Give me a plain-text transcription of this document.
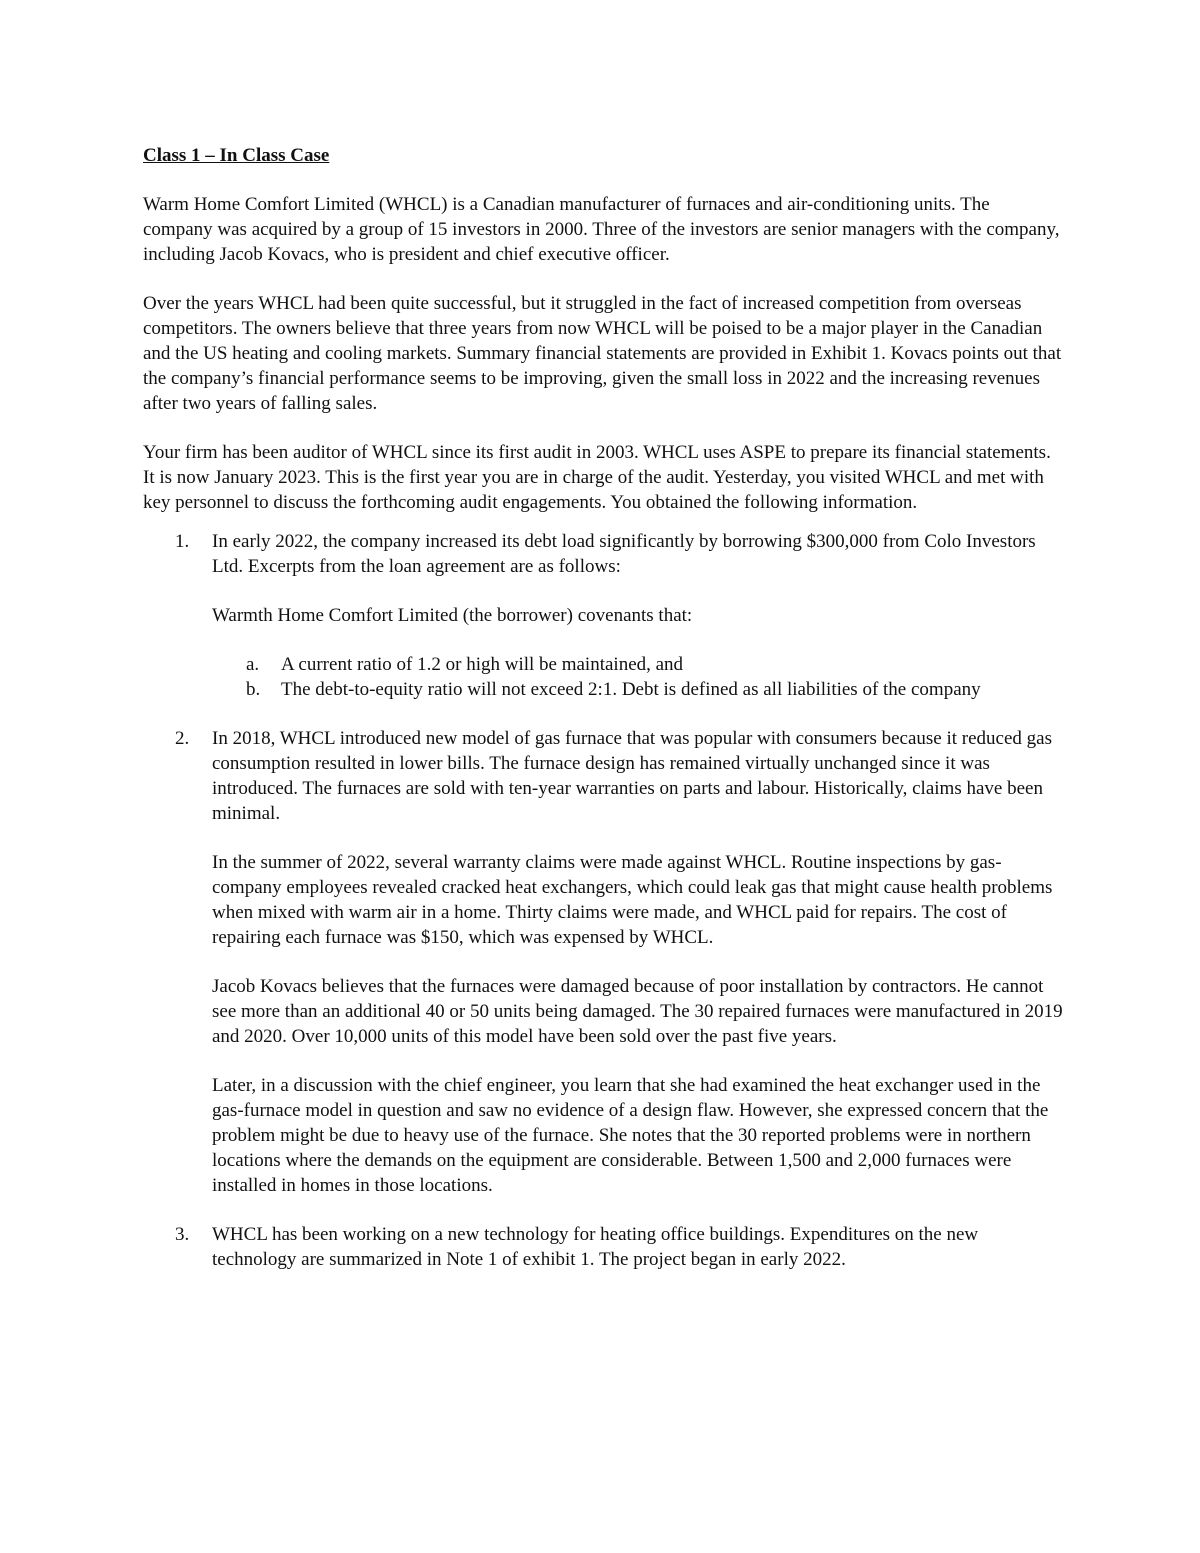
Class 1 – In Class Case

Warm Home Comfort Limited (WHCL) is a Canadian manufacturer of furnaces and air-conditioning units. The company was acquired by a group of 15 investors in 2000. Three of the investors are senior managers with the company, including Jacob Kovacs, who is president and chief executive officer.

Over the years WHCL had been quite successful, but it struggled in the fact of increased competition from overseas competitors. The owners believe that three years from now WHCL will be poised to be a major player in the Canadian and the US heating and cooling markets. Summary financial statements are provided in Exhibit 1. Kovacs points out that the company’s financial performance seems to be improving, given the small loss in 2022 and the increasing revenues after two years of falling sales.

Your firm has been auditor of WHCL since its first audit in 2003. WHCL uses ASPE to prepare its financial statements. It is now January 2023. This is the first year you are in charge of the audit. Yesterday, you visited WHCL and met with key personnel to discuss the forthcoming audit engagements. You obtained the following information.

1. In early 2022, the company increased its debt load significantly by borrowing $300,000 from Colo Investors Ltd. Excerpts from the loan agreement are as follows:

Warmth Home Comfort Limited (the borrower) covenants that:

a. A current ratio of 1.2 or high will be maintained, and
b. The debt-to-equity ratio will not exceed 2:1. Debt is defined as all liabilities of the company
2. In 2018, WHCL introduced new model of gas furnace that was popular with consumers because it reduced gas consumption resulted in lower bills. The furnace design has remained virtually unchanged since it was introduced. The furnaces are sold with ten-year warranties on parts and labour. Historically, claims have been minimal.

In the summer of 2022, several warranty claims were made against WHCL. Routine inspections by gas-company employees revealed cracked heat exchangers, which could leak gas that might cause health problems when mixed with warm air in a home. Thirty claims were made, and WHCL paid for repairs. The cost of repairing each furnace was $150, which was expensed by WHCL.

Jacob Kovacs believes that the furnaces were damaged because of poor installation by contractors. He cannot see more than an additional 40 or 50 units being damaged. The 30 repaired furnaces were manufactured in 2019 and 2020. Over 10,000 units of this model have been sold over the past five years.

Later, in a discussion with the chief engineer, you learn that she had examined the heat exchanger used in the gas-furnace model in question and saw no evidence of a design flaw. However, she expressed concern that the problem might be due to heavy use of the furnace. She notes that the 30 reported problems were in northern locations where the demands on the equipment are considerable. Between 1,500 and 2,000 furnaces were installed in homes in those locations.

3. WHCL has been working on a new technology for heating office buildings. Expenditures on the new technology are summarized in Note 1 of exhibit 1. The project began in early 2022.
